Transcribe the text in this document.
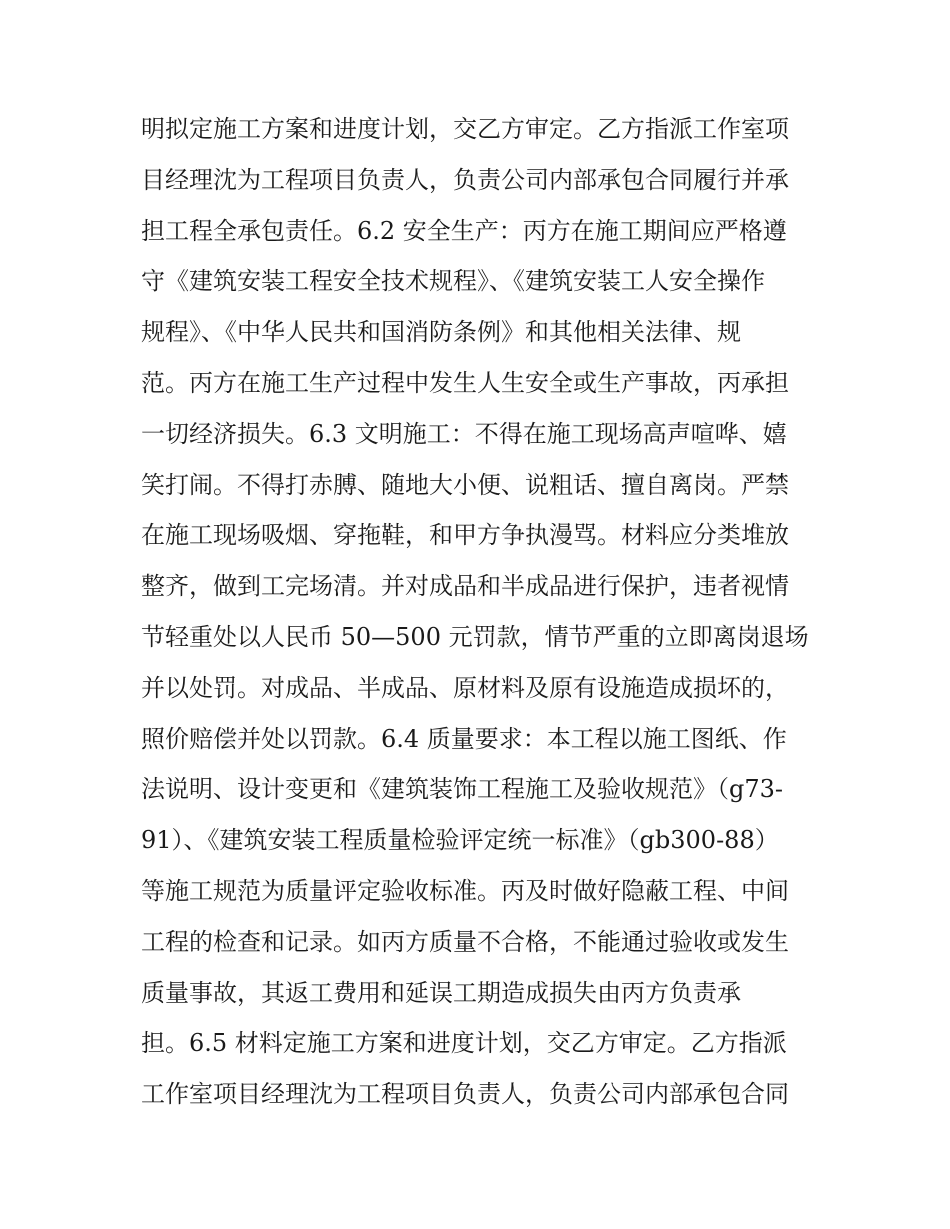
明拟定施工方案和进度计划，交乙方审定。乙方指派工作室项
目经理沈为工程项目负责人，负责公司内部承包合同履行并承
担工程全承包责任。6.2 安全生产：丙方在施工期间应严格遵
守《建筑安装工程安全技术规程》、《建筑安装工人安全操作
规程》、《中华人民共和国消防条例》和其他相关法律、规
范。丙方在施工生产过程中发生人生安全或生产事故，丙承担
一切经济损失。6.3 文明施工：不得在施工现场高声喧哗、嬉
笑打闹。不得打赤膊、随地大小便、说粗话、擅自离岗。严禁
在施工现场吸烟、穿拖鞋，和甲方争执漫骂。材料应分类堆放
整齐，做到工完场清。并对成品和半成品进行保护，违者视情
节轻重处以人民币 50—500 元罚款，情节严重的立即离岗退场
并以处罚。对成品、半成品、原材料及原有设施造成损坏的，
照价赔偿并处以罚款。6.4 质量要求：本工程以施工图纸、作
法说明、设计变更和《建筑装饰工程施工及验收规范》（g73-
91）、《建筑安装工程质量检验评定统一标准》（gb300-88）
等施工规范为质量评定验收标准。丙及时做好隐蔽工程、中间
工程的检查和记录。如丙方质量不合格，不能通过验收或发生
质量事故，其返工费用和延误工期造成损失由丙方负责承
担。6.5 材料定施工方案和进度计划，交乙方审定。乙方指派
工作室项目经理沈为工程项目负责人，负责公司内部承包合同
